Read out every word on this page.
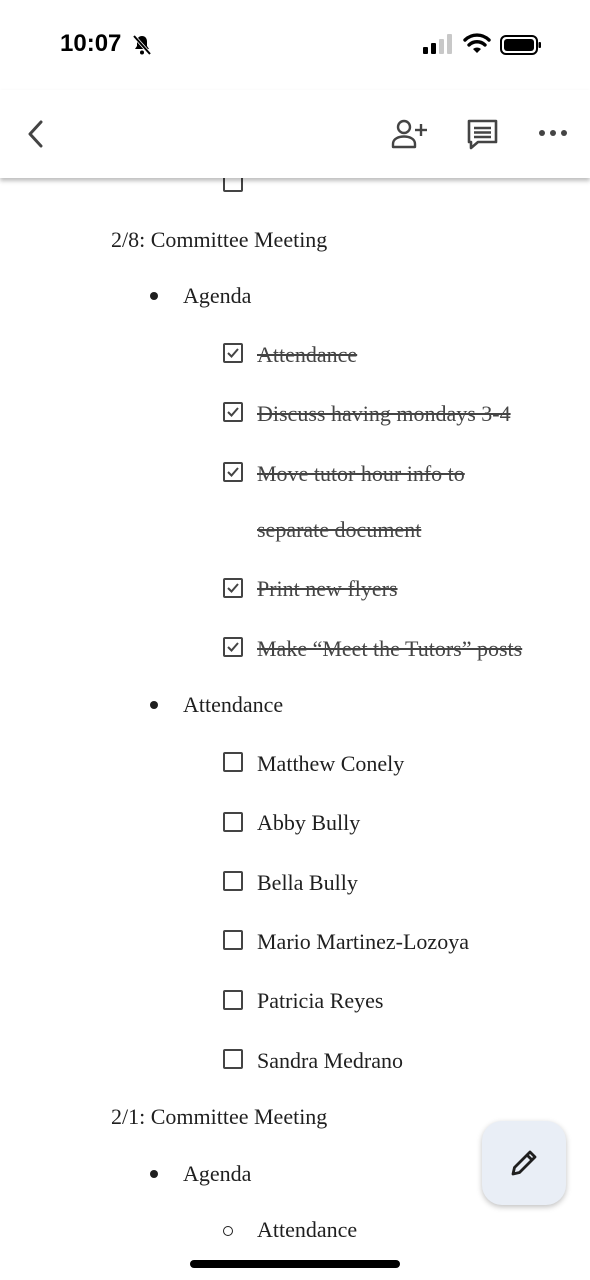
10:07
2/8: Committee Meeting
Agenda
Attendance
Discuss having mondays 3-4
Move tutor hour info to
separate document
Print new flyers
Make “Meet the Tutors” posts
Attendance
Matthew Conely
Abby Bully
Bella Bully
Mario Martinez-Lozoya
Patricia Reyes
Sandra Medrano
2/1: Committee Meeting
Agenda
Attendance
